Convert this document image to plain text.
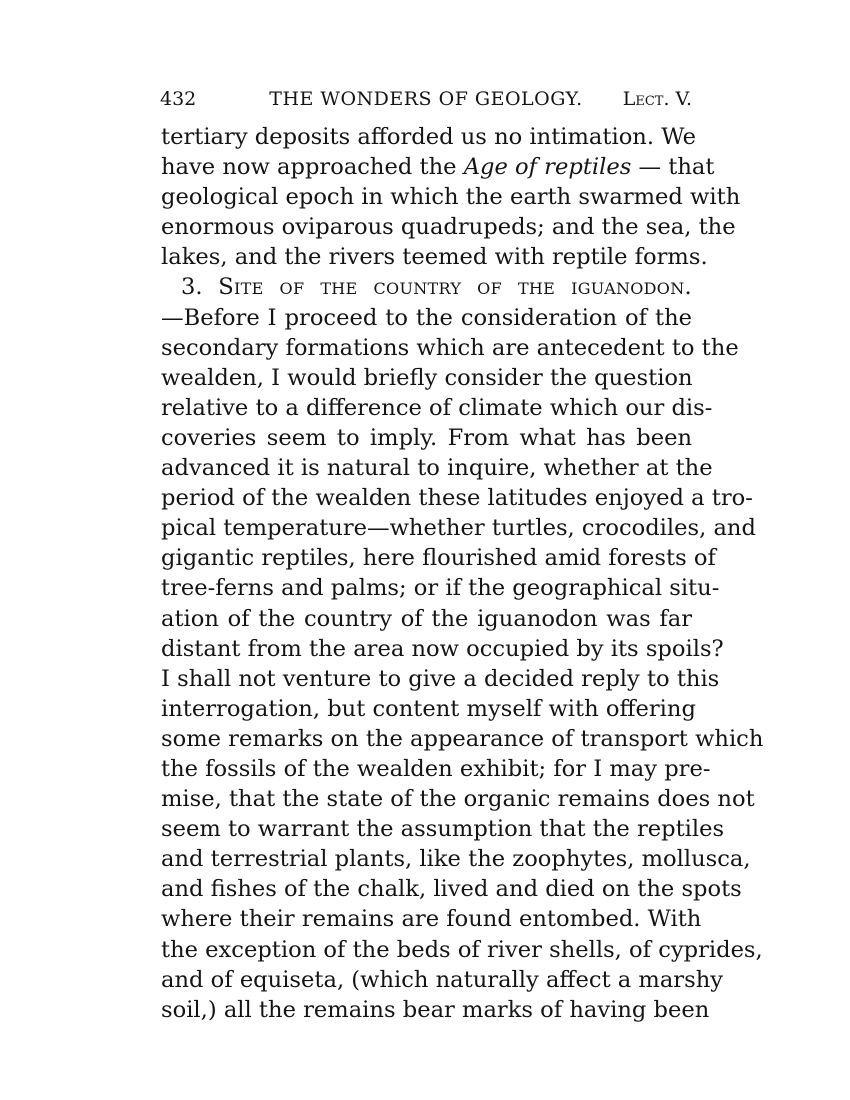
432	THE WONDERS OF GEOLOGY.	Lect. V.
tertiary deposits afforded us no intimation. We
have now approached the Age of reptiles — that
geological epoch in which the earth swarmed with
enormous oviparous quadrupeds; and the sea, the
lakes, and the rivers teemed with reptile forms.
3. Site of the country of the iguanodon.
—Before I proceed to the consideration of the
secondary formations which are antecedent to the
wealden, I would briefly consider the question
relative to a difference of climate which our dis-
coveries seem to imply. From what has been
advanced it is natural to inquire, whether at the
period of the wealden these latitudes enjoyed a tro-
pical temperature—whether turtles, crocodiles, and
gigantic reptiles, here flourished amid forests of
tree-ferns and palms; or if the geographical situ-
ation of the country of the iguanodon was far
distant from the area now occupied by its spoils?
I shall not venture to give a decided reply to this
interrogation, but content myself with offering
some remarks on the appearance of transport which
the fossils of the wealden exhibit; for I may pre-
mise, that the state of the organic remains does not
seem to warrant the assumption that the reptiles
and terrestrial plants, like the zoophytes, mollusca,
and fishes of the chalk, lived and died on the spots
where their remains are found entombed. With
the exception of the beds of river shells, of cyprides,
and of equiseta, (which naturally affect a marshy
soil,) all the remains bear marks of having been
